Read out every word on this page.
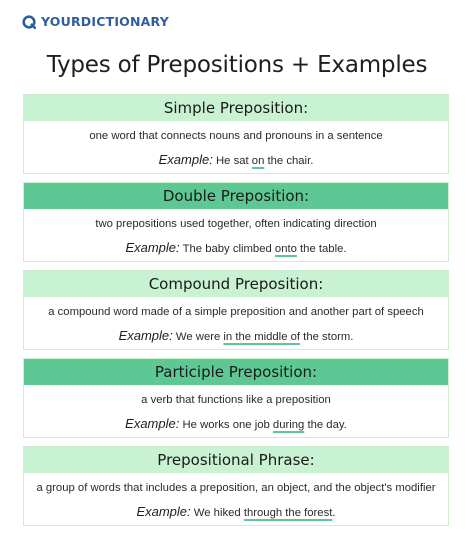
YOURDICTIONARY
Types of Prepositions + Examples
Simple Preposition:
one word that connects nouns and pronouns in a sentence
Example: He sat on the chair.
Double Preposition:
two prepositions used together, often indicating direction
Example: The baby climbed onto the table.
Compound Preposition:
a compound word made of a simple preposition and another part of speech
Example: We were in the middle of the storm.
Participle Preposition:
a verb that functions like a preposition
Example: He works one job during the day.
Prepositional Phrase:
a group of words that includes a preposition, an object, and the object's modifier
Example: We hiked through the forest.
